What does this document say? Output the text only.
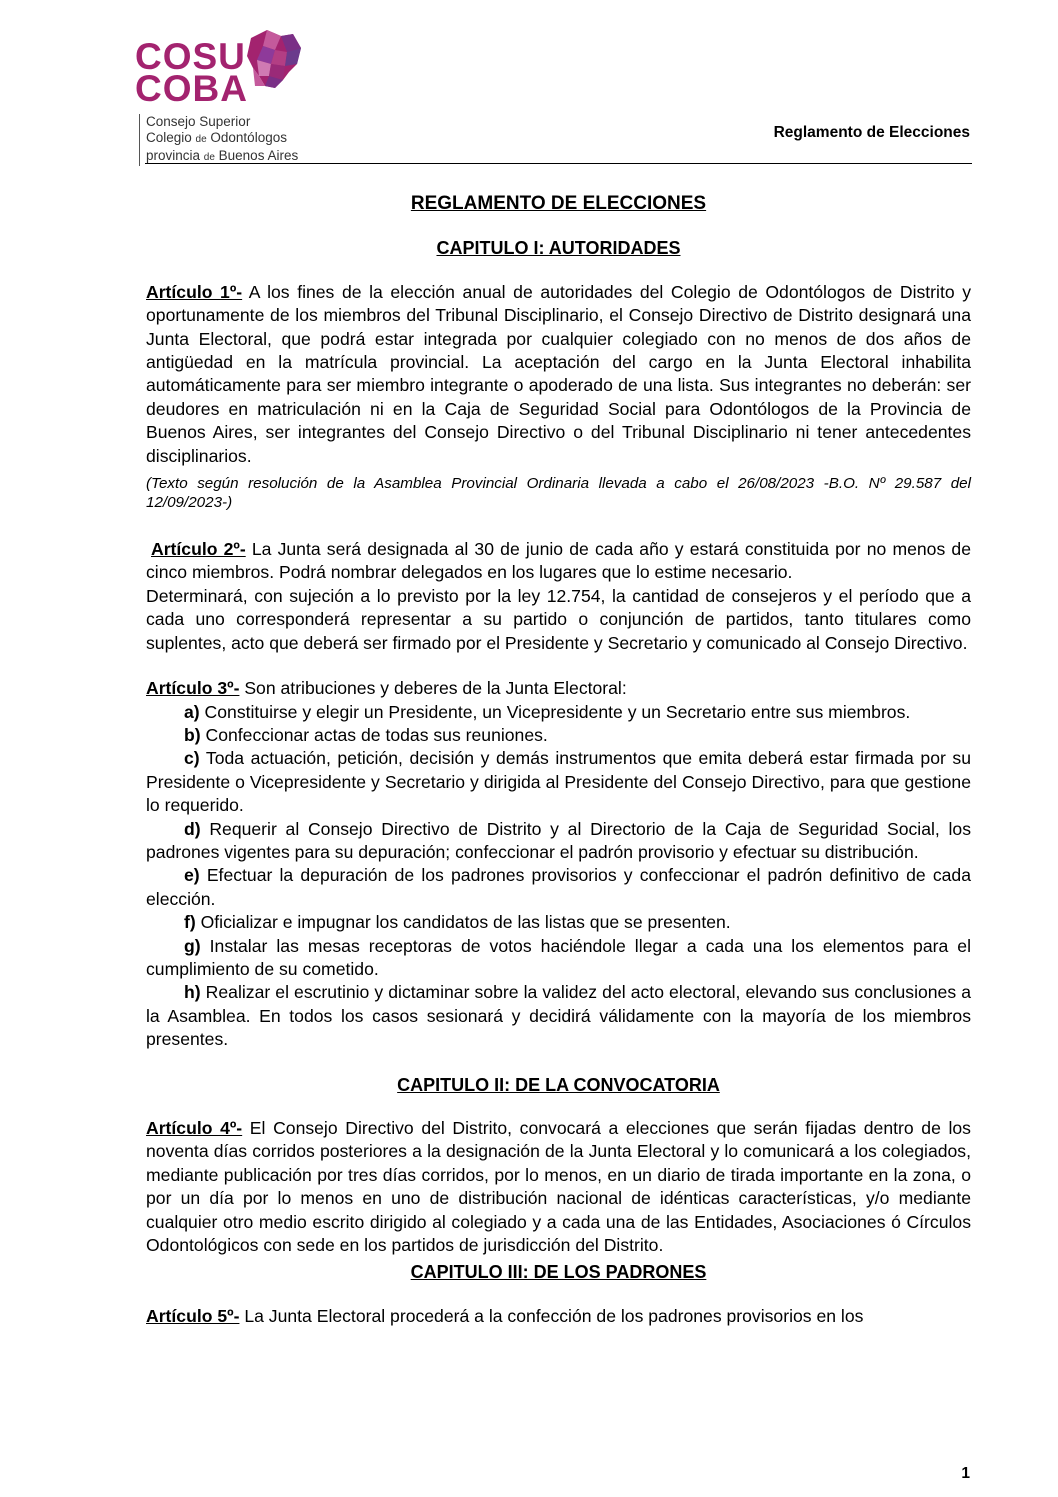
COSU
COBA
Consejo Superior
Colegio de Odontólogos
provincia de Buenos Aires
Reglamento de Elecciones
REGLAMENTO DE ELECCIONES
CAPITULO I: AUTORIDADES

Artículo 1º- A los fines de la elección anual de autoridades del Colegio de Odontólogos de Distrito y oportunamente de los miembros del Tribunal Disciplinario, el Consejo Directivo de Distrito designará una Junta Electoral, que podrá estar integrada por cualquier colegiado con no menos de dos años de antigüedad en la matrícula provincial. La aceptación del cargo en la Junta Electoral inhabilita automáticamente para ser miembro integrante o apoderado de una lista. Sus integrantes no deberán: ser deudores en matriculación ni en la Caja de Seguridad Social para Odontólogos de la Provincia de Buenos Aires, ser integrantes del Consejo Directivo o del Tribunal Disciplinario ni tener antecedentes disciplinarios.

(Texto según resolución de la Asamblea Provincial Ordinaria llevada a cabo el 26/08/2023 -B.O. Nº 29.587 del 12/09/2023-)

Artículo 2º- La Junta será designada al 30 de junio de cada año y estará constituida por no menos de cinco miembros. Podrá nombrar delegados en los lugares que lo estime necesario.

Determinará, con sujeción a lo previsto por la ley 12.754, la cantidad de consejeros y el período que a cada uno corresponderá representar a su partido o conjunción de partidos, tanto titulares como suplentes, acto que deberá ser firmado por el Presidente y Secretario y comunicado al Consejo Directivo.

Artículo 3º- Son atribuciones y deberes de la Junta Electoral:

a) Constituirse y elegir un Presidente, un Vicepresidente y un Secretario entre sus miembros.

b) Confeccionar actas de todas sus reuniones.

c) Toda actuación, petición, decisión y demás instrumentos que emita deberá estar firmada por su Presidente o Vicepresidente y Secretario y dirigida al Presidente del Consejo Directivo, para que gestione lo requerido.

d) Requerir al Consejo Directivo de Distrito y al Directorio de la Caja de Seguridad Social, los padrones vigentes para su depuración; confeccionar el padrón provisorio y efectuar su distribución.

e) Efectuar la depuración de los padrones provisorios y confeccionar el padrón definitivo de cada elección.

f) Oficializar e impugnar los candidatos de las listas que se presenten.

g) Instalar las mesas receptoras de votos haciéndole llegar a cada una los elementos para el cumplimiento de su cometido.

h) Realizar el escrutinio y dictaminar sobre la validez del acto electoral, elevando sus conclusiones a la Asamblea. En todos los casos sesionará y decidirá válidamente con la mayoría de los miembros presentes.

CAPITULO II: DE LA CONVOCATORIA

Artículo 4º- El Consejo Directivo del Distrito, convocará a elecciones que serán fijadas dentro de los noventa días corridos posteriores a la designación de la Junta Electoral y lo comunicará a los colegiados, mediante publicación por tres días corridos, por lo menos, en un diario de tirada importante en la zona, o por un día por lo menos en uno de distribución nacional de idénticas características, y/o mediante cualquier otro medio escrito dirigido al colegiado y a cada una de las Entidades, Asociaciones ó Círculos Odontológicos con sede en los partidos de jurisdicción del Distrito.

CAPITULO III: DE LOS PADRONES

Artículo 5º- La Junta Electoral procederá a la confección de los padrones provisorios en los

1
